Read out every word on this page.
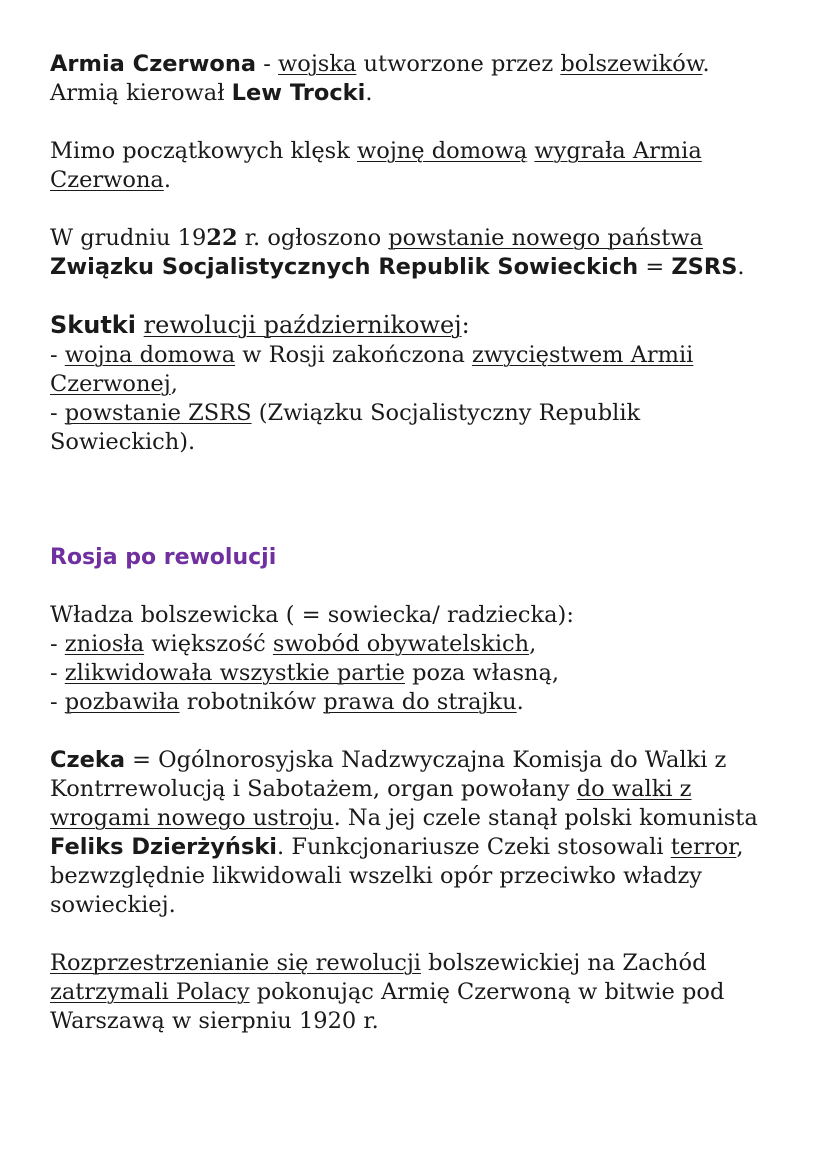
Armia Czerwona - wojska utworzone przez bolszewików.
Armią kierował Lew Trocki.

Mimo początkowych klęsk wojnę domową wygrała Armia Czerwona.

W grudniu 1922 r. ogłoszono powstanie nowego państwa
Związku Socjalistycznych Republik Sowieckich = ZSRS.

Skutki rewolucji październikowej:

- wojna domowa w Rosji zakończona zwycięstwem Armii Czerwonej,

- powstanie ZSRS (Związku Socjalistyczny Republik Sowieckich).

Rosja po rewolucji

Władza bolszewicka ( = sowiecka/ radziecka):

- zniosła większość swobód obywatelskich,

- zlikwidowała wszystkie partie poza własną,

- pozbawiła robotników prawa do strajku.

Czeka = Ogólnorosyjska Nadzwyczajna Komisja do Walki z Kontrrewolucją i Sabotażem, organ powołany do walki z wrogami nowego ustroju. Na jej czele stanął polski komunista Feliks Dzierżyński. Funkcjonariusze Czeki stosowali terror, bezwzględnie likwidowali wszelki opór przeciwko władzy sowieckiej.

Rozprzestrzenianie się rewolucji bolszewickiej na Zachód zatrzymali Polacy pokonując Armię Czerwoną w bitwie pod Warszawą w sierpniu 1920 r.
